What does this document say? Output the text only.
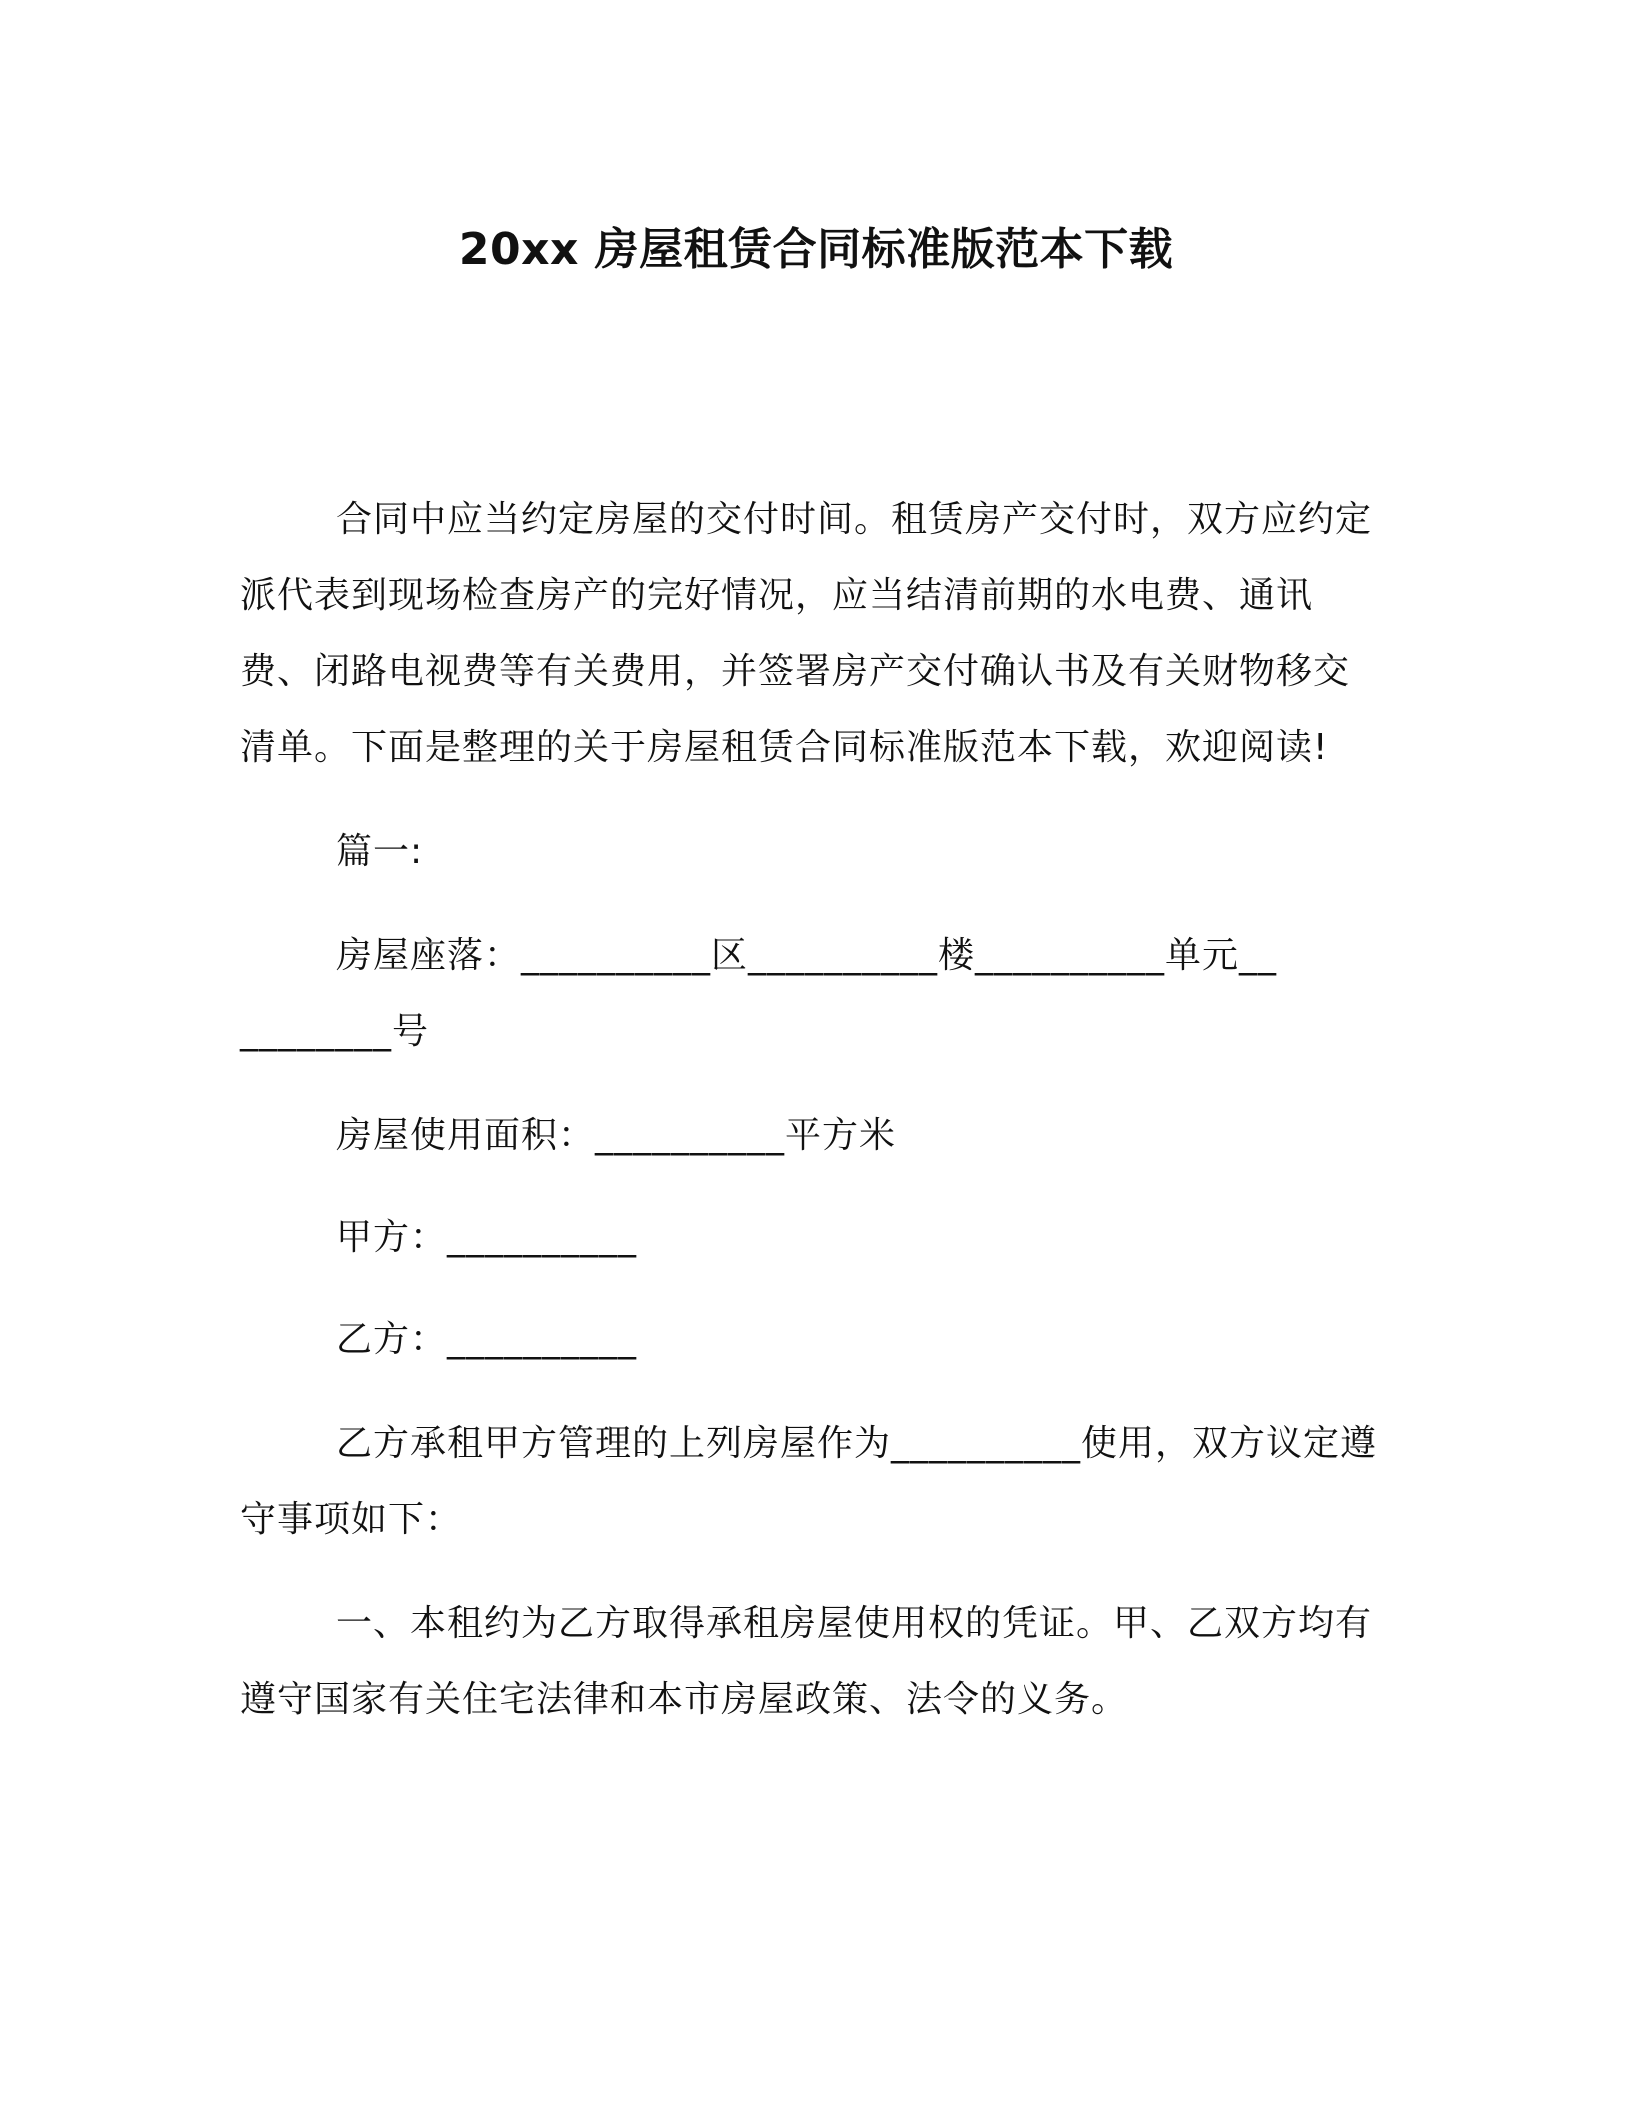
20xx 房屋租赁合同标准版范本下载

合同中应当约定房屋的交付时间。租赁房产交付时，双方应约定派代表到现场检查房产的完好情况，应当结清前期的水电费、通讯费、闭路电视费等有关费用，并签署房产交付确认书及有关财物移交清单。下面是整理的关于房屋租赁合同标准版范本下载，欢迎阅读!

篇一:

房屋座落：__________区__________楼__________单元__________号

房屋使用面积：__________平方米

甲方：__________

乙方：__________

乙方承租甲方管理的上列房屋作为__________使用，双方议定遵守事项如下：

一、本租约为乙方取得承租房屋使用权的凭证。甲、乙双方均有遵守国家有关住宅法律和本市房屋政策、法令的义务。
